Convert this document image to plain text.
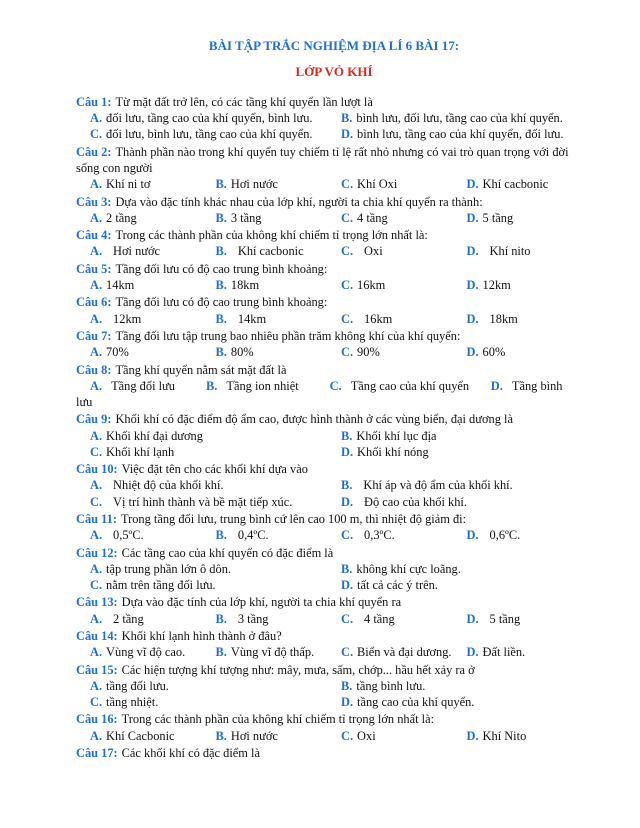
BÀI TẬP TRẮC NGHIỆM ĐỊA LÍ 6 BÀI 17:
LỚP VỎ KHÍ
Câu 1: Từ mặt đất trở lên, có các tầng khí quyển lần lượt là
A. đối lưu, tầng cao của khí quyển, bình lưu.	B. bình lưu, đối lưu, tầng cao của khí quyển.
C. đối lưu, bình lưu, tầng cao của khí quyển.	D. bình lưu, tầng cao của khí quyển, đối lưu.
Câu 2: Thành phần nào trong khí quyển tuy chiếm tỉ lệ rất nhỏ nhưng có vai trò quan trọng với đời sống con người
A. Khí ni tơ	B. Hơi nước	C. Khí Oxi	D. Khí cacbonic
Câu 3: Dựa vào đặc tính khác nhau của lớp khí, người ta chia khí quyển ra thành:
A. 2 tầng	B. 3 tầng	C. 4 tầng	D. 5 tầng
Câu 4: Trong các thành phần của không khí chiếm tỉ trọng lớn nhất là:
A. Hơi nước	B. Khí cacbonic	C. Oxi	D. Khí nito
Câu 5: Tầng đối lưu có độ cao trung bình khoảng:
A. 14km	B. 18km	C. 16km	D. 12km
Câu 6: Tầng đối lưu có độ cao trung bình khoảng:
A. 12km	B. 14km	C. 16km	D. 18km
Câu 7: Tầng đối lưu tập trung bao nhiêu phần trăm không khí của khí quyển:
A. 70%	B. 80%	C. 90%	D. 60%
Câu 8: Tầng khí quyển nằm sát mặt đất là
A.   Tầng đối lưu          B.   Tầng ion nhiệt          C.   Tầng cao của khí quyển       D.   Tầng bình lưu
Câu 9: Khối khí có đặc điểm độ ẩm cao, được hình thành ở các vùng biển, đại dương là
A. Khối khí đại dương	B. Khối khí lục địa
C. Khối khí lạnh	D. Khối khí nóng
Câu 10: Việc đặt tên cho các khối khí dựa vào
A. Nhiệt độ của khối khí.	B. Khí áp và độ ẩm của khối khí.
C. Vị trí hình thành và bề mặt tiếp xúc.	D. Độ cao của khối khí.
Câu 11: Trong tầng đối lưu, trung bình cứ lên cao 100 m, thì nhiệt độ giảm đi:
A. 0,5ºC.	B. 0,4ºC.	C. 0,3ºC.	D. 0,6ºC.
Câu 12: Các tầng cao của khí quyển có đặc điểm là
A. tập trung phần lớn ô dôn.	B. không khí cực loãng.
C. nằm trên tầng đối lưu.	D. tất cả các ý trên.
Câu 13: Dựa vào đặc tính của lớp khí, người ta chia khí quyển ra
A. 2 tầng	B. 3 tầng	C. 4 tầng	D. 5 tầng
Câu 14: Khối khí lạnh hình thành ở đâu?
A. Vùng vĩ độ cao.	B. Vùng vĩ độ thấp.	C. Biển và đại dương.	D. Đất liền.
Câu 15: Các hiện tượng khí tượng như: mây, mưa, sấm, chớp... hầu hết xảy ra ở
A. tầng đối lưu.	B. tầng bình lưu.
C. tầng nhiệt.	D. tầng cao của khí quyển.
Câu 16: Trong các thành phần của không khí chiếm tỉ trọng lớn nhất là:
A. Khí Cacbonic	B. Hơi nước	C. Oxi	D. Khí Nito
Câu 17: Các khối khí có đặc điểm là
